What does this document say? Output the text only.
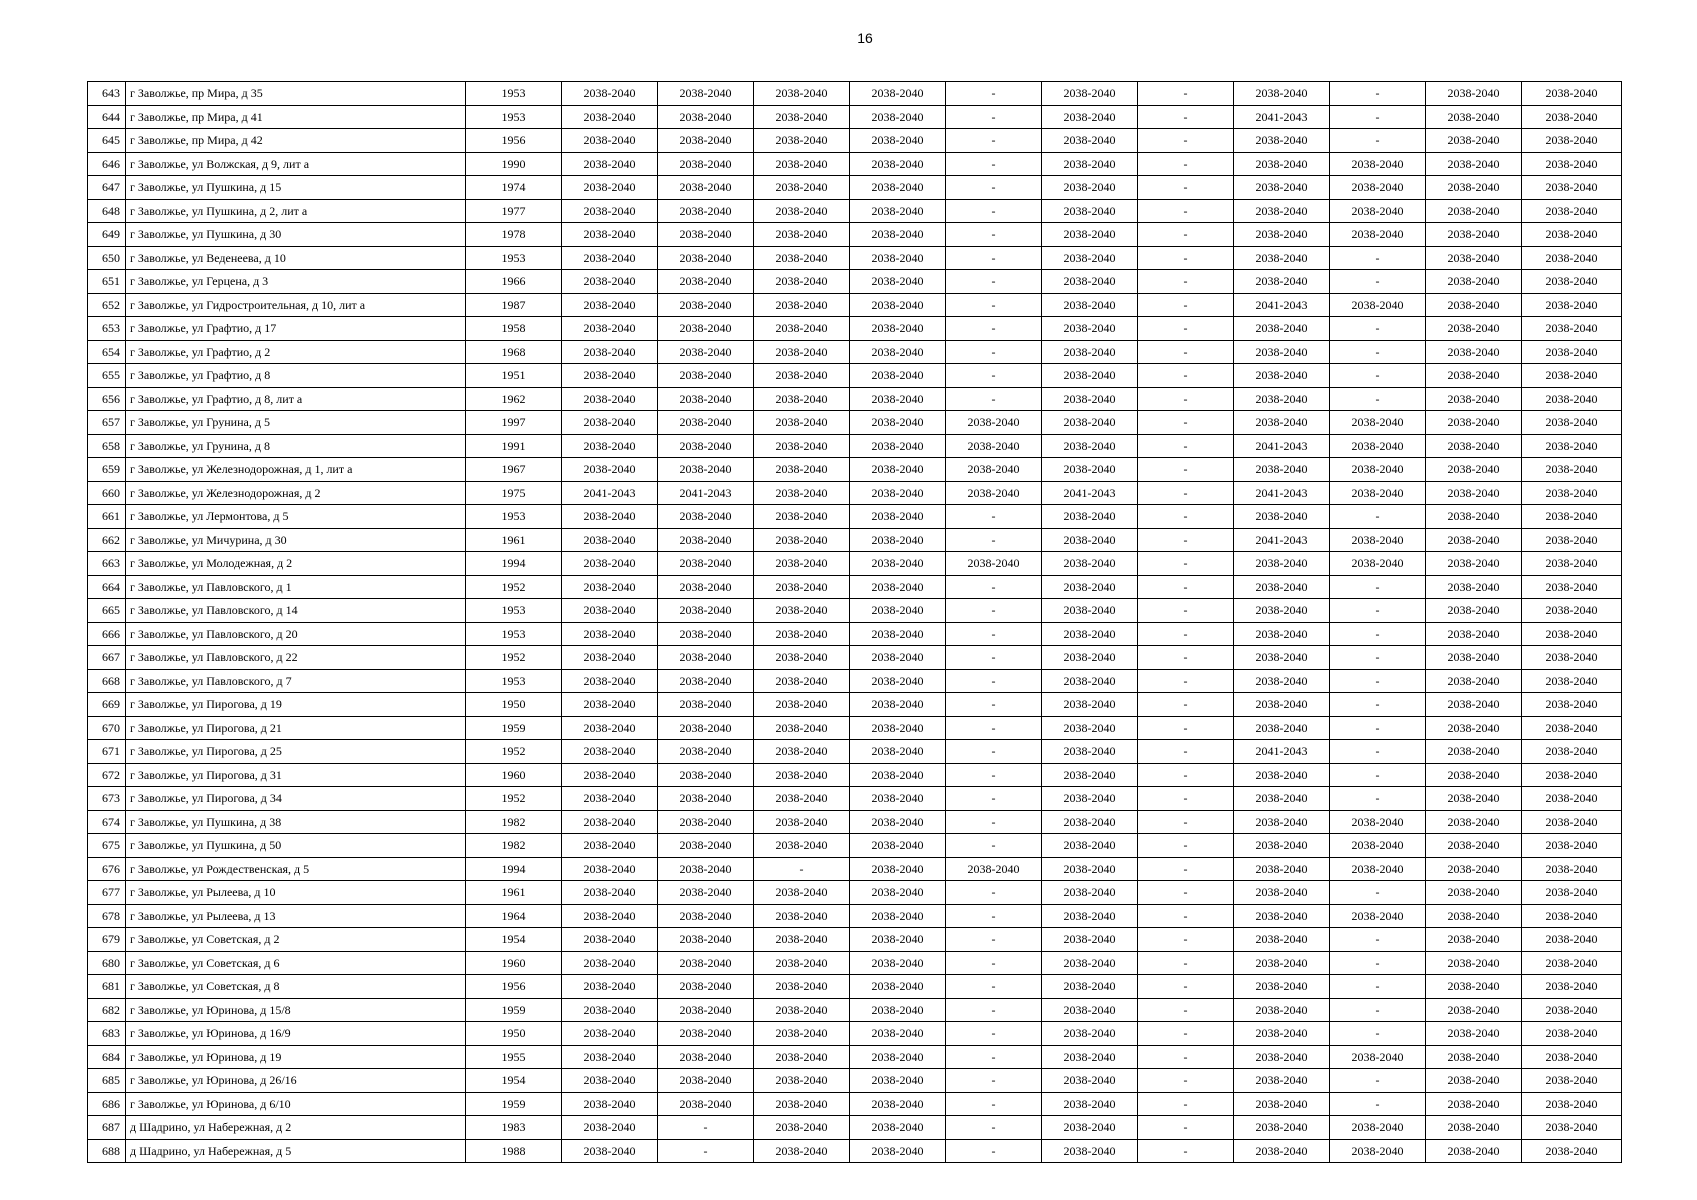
16
643	г Заволжье, пр Мира, д 35	1953	2038-2040	2038-2040	2038-2040	2038-2040	-	2038-2040	-	2038-2040	-	2038-2040	2038-2040
644	г Заволжье, пр Мира, д 41	1953	2038-2040	2038-2040	2038-2040	2038-2040	-	2038-2040	-	2041-2043	-	2038-2040	2038-2040
645	г Заволжье, пр Мира, д 42	1956	2038-2040	2038-2040	2038-2040	2038-2040	-	2038-2040	-	2038-2040	-	2038-2040	2038-2040
646	г Заволжье, ул Волжская, д 9, лит а	1990	2038-2040	2038-2040	2038-2040	2038-2040	-	2038-2040	-	2038-2040	2038-2040	2038-2040	2038-2040
647	г Заволжье, ул Пушкина, д 15	1974	2038-2040	2038-2040	2038-2040	2038-2040	-	2038-2040	-	2038-2040	2038-2040	2038-2040	2038-2040
648	г Заволжье, ул Пушкина, д 2, лит а	1977	2038-2040	2038-2040	2038-2040	2038-2040	-	2038-2040	-	2038-2040	2038-2040	2038-2040	2038-2040
649	г Заволжье, ул Пушкина, д 30	1978	2038-2040	2038-2040	2038-2040	2038-2040	-	2038-2040	-	2038-2040	2038-2040	2038-2040	2038-2040
650	г Заволжье, ул Веденеева, д 10	1953	2038-2040	2038-2040	2038-2040	2038-2040	-	2038-2040	-	2038-2040	-	2038-2040	2038-2040
651	г Заволжье, ул Герцена, д 3	1966	2038-2040	2038-2040	2038-2040	2038-2040	-	2038-2040	-	2038-2040	-	2038-2040	2038-2040
652	г Заволжье, ул Гидростроительная, д 10, лит а	1987	2038-2040	2038-2040	2038-2040	2038-2040	-	2038-2040	-	2041-2043	2038-2040	2038-2040	2038-2040
653	г Заволжье, ул Графтио, д 17	1958	2038-2040	2038-2040	2038-2040	2038-2040	-	2038-2040	-	2038-2040	-	2038-2040	2038-2040
654	г Заволжье, ул Графтио, д 2	1968	2038-2040	2038-2040	2038-2040	2038-2040	-	2038-2040	-	2038-2040	-	2038-2040	2038-2040
655	г Заволжье, ул Графтио, д 8	1951	2038-2040	2038-2040	2038-2040	2038-2040	-	2038-2040	-	2038-2040	-	2038-2040	2038-2040
656	г Заволжье, ул Графтио, д 8, лит а	1962	2038-2040	2038-2040	2038-2040	2038-2040	-	2038-2040	-	2038-2040	-	2038-2040	2038-2040
657	г Заволжье, ул Грунина, д 5	1997	2038-2040	2038-2040	2038-2040	2038-2040	2038-2040	2038-2040	-	2038-2040	2038-2040	2038-2040	2038-2040
658	г Заволжье, ул Грунина, д 8	1991	2038-2040	2038-2040	2038-2040	2038-2040	2038-2040	2038-2040	-	2041-2043	2038-2040	2038-2040	2038-2040
659	г Заволжье, ул Железнодорожная, д 1, лит а	1967	2038-2040	2038-2040	2038-2040	2038-2040	2038-2040	2038-2040	-	2038-2040	2038-2040	2038-2040	2038-2040
660	г Заволжье, ул Железнодорожная, д 2	1975	2041-2043	2041-2043	2038-2040	2038-2040	2038-2040	2041-2043	-	2041-2043	2038-2040	2038-2040	2038-2040
661	г Заволжье, ул Лермонтова, д 5	1953	2038-2040	2038-2040	2038-2040	2038-2040	-	2038-2040	-	2038-2040	-	2038-2040	2038-2040
662	г Заволжье, ул Мичурина, д 30	1961	2038-2040	2038-2040	2038-2040	2038-2040	-	2038-2040	-	2041-2043	2038-2040	2038-2040	2038-2040
663	г Заволжье, ул Молодежная, д 2	1994	2038-2040	2038-2040	2038-2040	2038-2040	2038-2040	2038-2040	-	2038-2040	2038-2040	2038-2040	2038-2040
664	г Заволжье, ул Павловского, д 1	1952	2038-2040	2038-2040	2038-2040	2038-2040	-	2038-2040	-	2038-2040	-	2038-2040	2038-2040
665	г Заволжье, ул Павловского, д 14	1953	2038-2040	2038-2040	2038-2040	2038-2040	-	2038-2040	-	2038-2040	-	2038-2040	2038-2040
666	г Заволжье, ул Павловского, д 20	1953	2038-2040	2038-2040	2038-2040	2038-2040	-	2038-2040	-	2038-2040	-	2038-2040	2038-2040
667	г Заволжье, ул Павловского, д 22	1952	2038-2040	2038-2040	2038-2040	2038-2040	-	2038-2040	-	2038-2040	-	2038-2040	2038-2040
668	г Заволжье, ул Павловского, д 7	1953	2038-2040	2038-2040	2038-2040	2038-2040	-	2038-2040	-	2038-2040	-	2038-2040	2038-2040
669	г Заволжье, ул Пирогова, д 19	1950	2038-2040	2038-2040	2038-2040	2038-2040	-	2038-2040	-	2038-2040	-	2038-2040	2038-2040
670	г Заволжье, ул Пирогова, д 21	1959	2038-2040	2038-2040	2038-2040	2038-2040	-	2038-2040	-	2038-2040	-	2038-2040	2038-2040
671	г Заволжье, ул Пирогова, д 25	1952	2038-2040	2038-2040	2038-2040	2038-2040	-	2038-2040	-	2041-2043	-	2038-2040	2038-2040
672	г Заволжье, ул Пирогова, д 31	1960	2038-2040	2038-2040	2038-2040	2038-2040	-	2038-2040	-	2038-2040	-	2038-2040	2038-2040
673	г Заволжье, ул Пирогова, д 34	1952	2038-2040	2038-2040	2038-2040	2038-2040	-	2038-2040	-	2038-2040	-	2038-2040	2038-2040
674	г Заволжье, ул Пушкина, д 38	1982	2038-2040	2038-2040	2038-2040	2038-2040	-	2038-2040	-	2038-2040	2038-2040	2038-2040	2038-2040
675	г Заволжье, ул Пушкина, д 50	1982	2038-2040	2038-2040	2038-2040	2038-2040	-	2038-2040	-	2038-2040	2038-2040	2038-2040	2038-2040
676	г Заволжье, ул Рождественская, д 5	1994	2038-2040	2038-2040	-	2038-2040	2038-2040	2038-2040	-	2038-2040	2038-2040	2038-2040	2038-2040
677	г Заволжье, ул Рылеева, д 10	1961	2038-2040	2038-2040	2038-2040	2038-2040	-	2038-2040	-	2038-2040	-	2038-2040	2038-2040
678	г Заволжье, ул Рылеева, д 13	1964	2038-2040	2038-2040	2038-2040	2038-2040	-	2038-2040	-	2038-2040	2038-2040	2038-2040	2038-2040
679	г Заволжье, ул Советская, д 2	1954	2038-2040	2038-2040	2038-2040	2038-2040	-	2038-2040	-	2038-2040	-	2038-2040	2038-2040
680	г Заволжье, ул Советская, д 6	1960	2038-2040	2038-2040	2038-2040	2038-2040	-	2038-2040	-	2038-2040	-	2038-2040	2038-2040
681	г Заволжье, ул Советская, д 8	1956	2038-2040	2038-2040	2038-2040	2038-2040	-	2038-2040	-	2038-2040	-	2038-2040	2038-2040
682	г Заволжье, ул Юринова, д 15/8	1959	2038-2040	2038-2040	2038-2040	2038-2040	-	2038-2040	-	2038-2040	-	2038-2040	2038-2040
683	г Заволжье, ул Юринова, д 16/9	1950	2038-2040	2038-2040	2038-2040	2038-2040	-	2038-2040	-	2038-2040	-	2038-2040	2038-2040
684	г Заволжье, ул Юринова, д 19	1955	2038-2040	2038-2040	2038-2040	2038-2040	-	2038-2040	-	2038-2040	2038-2040	2038-2040	2038-2040
685	г Заволжье, ул Юринова, д 26/16	1954	2038-2040	2038-2040	2038-2040	2038-2040	-	2038-2040	-	2038-2040	-	2038-2040	2038-2040
686	г Заволжье, ул Юринова, д 6/10	1959	2038-2040	2038-2040	2038-2040	2038-2040	-	2038-2040	-	2038-2040	-	2038-2040	2038-2040
687	д Шадрино, ул Набережная, д 2	1983	2038-2040	-	2038-2040	2038-2040	-	2038-2040	-	2038-2040	2038-2040	2038-2040	2038-2040
688	д Шадрино, ул Набережная, д 5	1988	2038-2040	-	2038-2040	2038-2040	-	2038-2040	-	2038-2040	2038-2040	2038-2040	2038-2040
